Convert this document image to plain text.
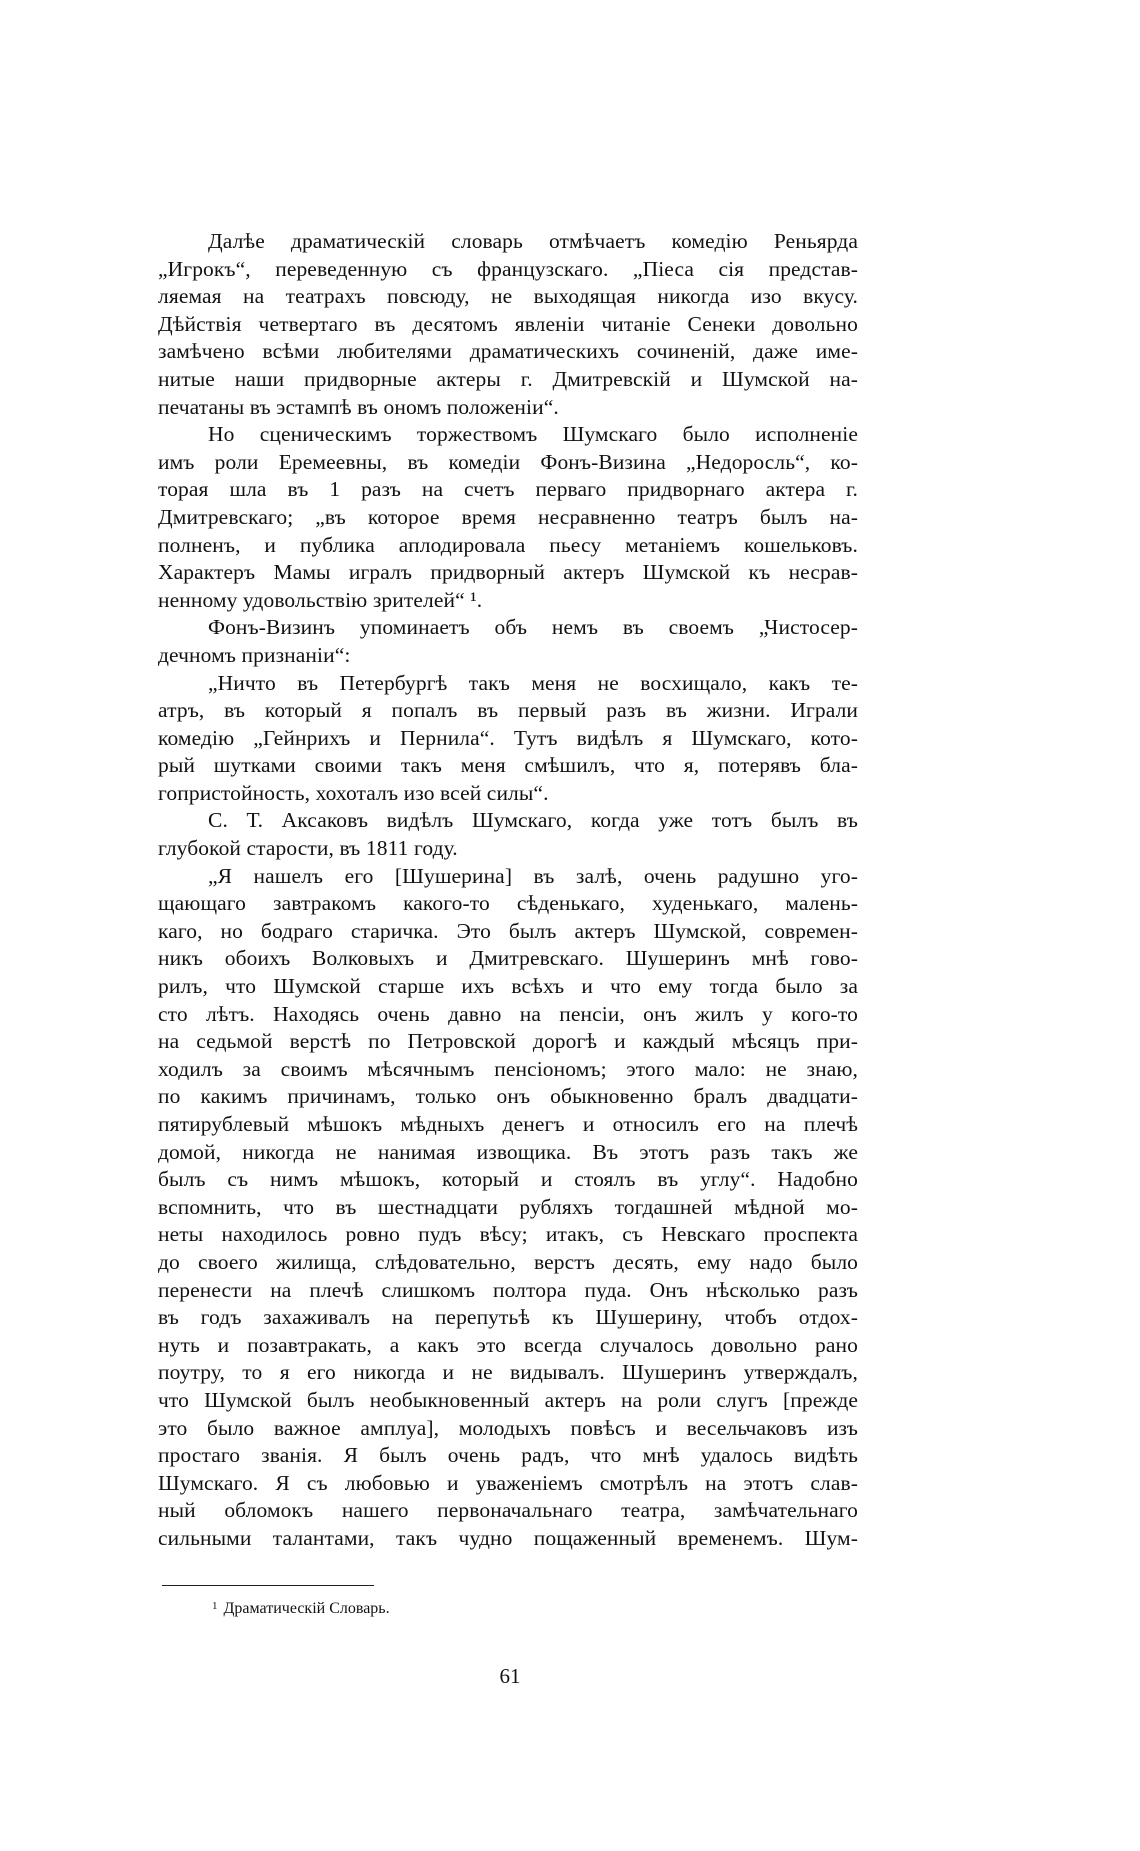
Далѣе драматическій словарь отмѣчаетъ комедію Реньярда
„Игрокъ“, переведенную съ французскаго. „Піеса сія представ-
ляемая на театрахъ повсюду, не выходящая никогда изо вкусу.
Дѣйствія четвертаго въ десятомъ явленіи читаніе Сенеки довольно
замѣчено всѣми любителями драматическихъ сочиненій, даже име-
нитые наши придворные актеры г. Дмитревскій и Шумской на-
печатаны въ эстампѣ въ ономъ положеніи“.
Но сценическимъ торжествомъ Шумскаго было исполненіе
имъ роли Еремеевны, въ комедіи Фонъ-Визина „Недоросль“, ко-
торая шла въ 1 разъ на счетъ перваго придворнаго актера г.
Дмитревскаго; „въ которое время несравненно театръ былъ на-
полненъ, и публика аплодировала пьесу метаніемъ кошельковъ.
Характеръ Мамы игралъ придворный актеръ Шумской къ несрав-
ненному удовольствію зрителей“ ¹.
Фонъ-Визинъ упоминаетъ объ немъ въ своемъ „Чистосер-
дечномъ признаніи“:
„Ничто въ Петербургѣ такъ меня не восхищало, какъ те-
атръ, въ который я попалъ въ первый разъ въ жизни. Играли
комедію „Гейнрихъ и Пернила“. Тутъ видѣлъ я Шумскаго, кото-
рый шутками своими такъ меня смѣшилъ, что я, потерявъ бла-
гопристойность, хохоталъ изо всей силы“.
С. Т. Аксаковъ видѣлъ Шумскаго, когда уже тотъ былъ въ
глубокой старости, въ 1811 году.
„Я нашелъ его [Шушерина] въ залѣ, очень радушно уго-
щающаго завтракомъ какого-то сѣденькаго, худенькаго, малень-
каго, но бодраго старичка. Это былъ актеръ Шумской, современ-
никъ обоихъ Волковыхъ и Дмитревскаго. Шушеринъ мнѣ гово-
рилъ, что Шумской старше ихъ всѣхъ и что ему тогда было за
сто лѣтъ. Находясь очень давно на пенсіи, онъ жилъ у кого-то
на седьмой верстѣ по Петровской дорогѣ и каждый мѣсяцъ при-
ходилъ за своимъ мѣсячнымъ пенсіономъ; этого мало: не знаю,
по какимъ причинамъ, только онъ обыкновенно бралъ двадцати-
пятирублевый мѣшокъ мѣдныхъ денегъ и относилъ его на плечѣ
домой, никогда не нанимая извощика. Въ этотъ разъ такъ же
былъ съ нимъ мѣшокъ, который и стоялъ въ углу“. Надобно
вспомнить, что въ шестнадцати рубляхъ тогдашней мѣдной мо-
неты находилось ровно пудъ вѣсу; итакъ, съ Невскаго проспекта
до своего жилища, слѣдовательно, верстъ десять, ему надо было
перенести на плечѣ слишкомъ полтора пуда. Онъ нѣсколько разъ
въ годъ захаживалъ на перепутьѣ къ Шушерину, чтобъ отдох-
нуть и позавтракать, а какъ это всегда случалось довольно рано
поутру, то я его никогда и не видывалъ. Шушеринъ утверждалъ,
что Шумской былъ необыкновенный актеръ на роли слугъ [прежде
это было важное амплуа], молодыхъ повѣсъ и весельчаковъ изъ
простаго званія. Я былъ очень радъ, что мнѣ удалось видѣть
Шумскаго. Я съ любовью и уваженіемъ смотрѣлъ на этотъ слав-
ный обломокъ нашего первоначальнаго театра, замѣчательнаго
сильными талантами, такъ чудно пощаженный временемъ. Шум-
$^1$ Драматическій Словарь.
61
